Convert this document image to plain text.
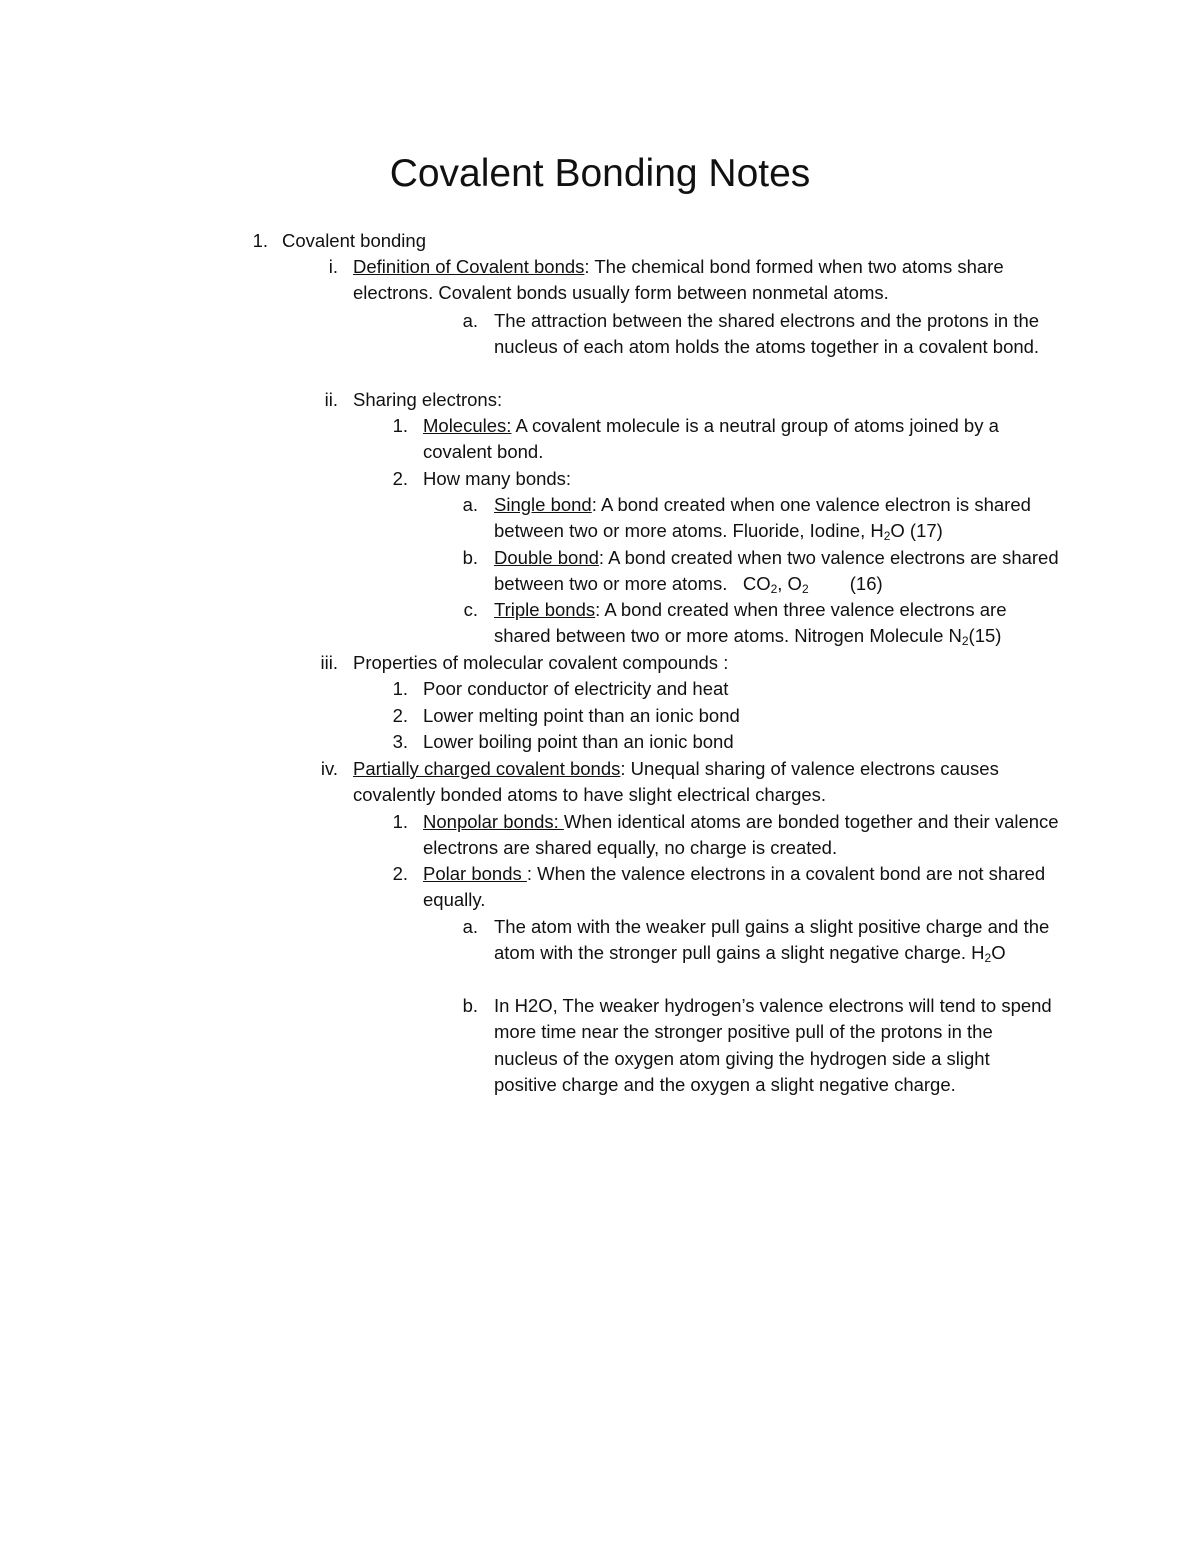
Covalent Bonding Notes
1. Covalent bonding
i. Definition of Covalent bonds: The chemical bond formed when two atoms share electrons. Covalent bonds usually form between nonmetal atoms.
a. The attraction between the shared electrons and the protons in the nucleus of each atom holds the atoms together in a covalent bond.
ii. Sharing electrons:
1. Molecules: A covalent molecule is a neutral group of atoms joined by a covalent bond.
2. How many bonds:
a. Single bond: A bond created when one valence electron is shared between two or more atoms. Fluoride, Iodine, $H_2O$ (17)
b. Double bond: A bond created when two valence electrons are shared between two or more atoms.   $CO_2$, $O_2$        (16)
c. Triple bonds: A bond created when three valence electrons are shared between two or more atoms. Nitrogen Molecule $N_2(15)$
iii. Properties of molecular covalent compounds :
1. Poor conductor of electricity and heat
2. Lower melting point than an ionic bond
3. Lower boiling point than an ionic bond
iv. Partially charged covalent bonds: Unequal sharing of valence electrons causes covalently bonded atoms to have slight electrical charges.
1. Nonpolar bonds: When identical atoms are bonded together and their valence electrons are shared equally, no charge is created.
2. Polar bonds : When the valence electrons in a covalent bond are not shared equally.
a. The atom with the weaker pull gains a slight positive charge and the atom with the stronger pull gains a slight negative charge. $H_2O$
b. In H2O, The weaker hydrogen’s valence electrons will tend to spend more time near the stronger positive pull of the protons in the nucleus of the oxygen atom giving the hydrogen side a slight positive charge and the oxygen a slight negative charge.
